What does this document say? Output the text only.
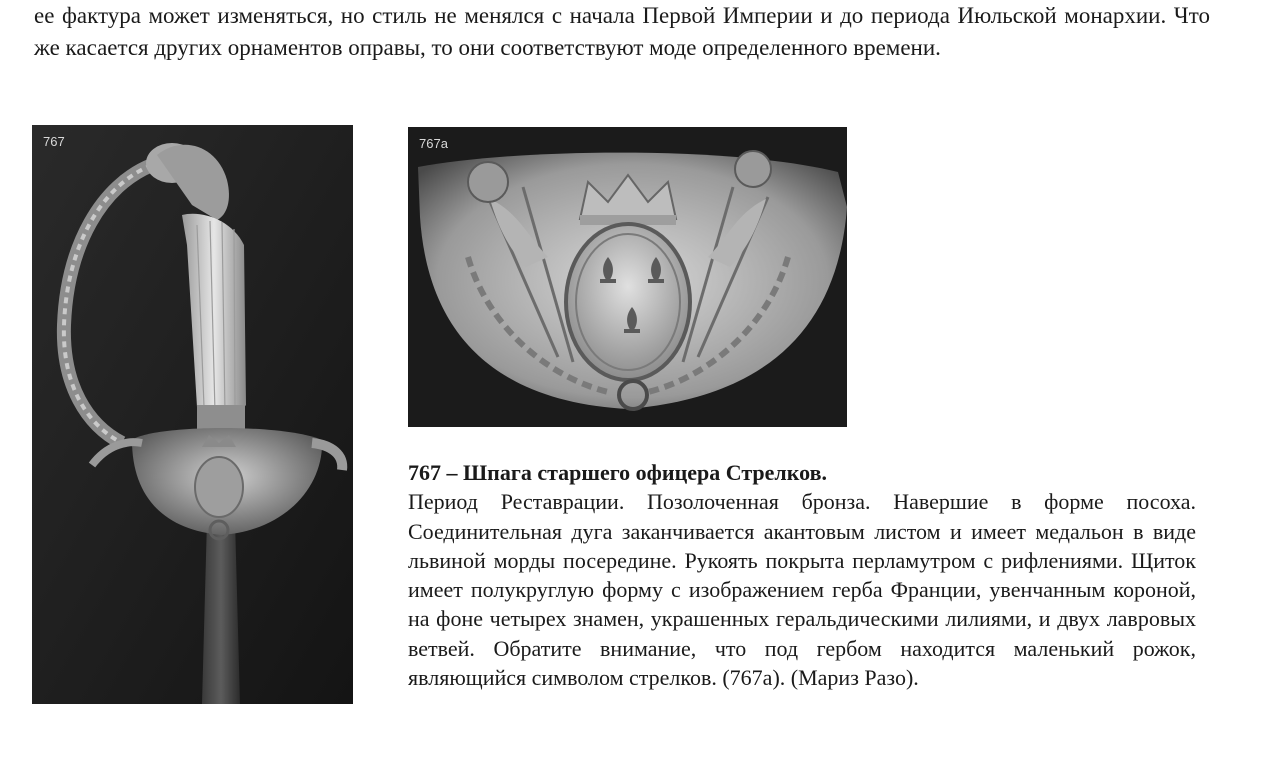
ее фактура может изменяться, но стиль не менялся с начала Первой Империи и до периода Июльской монархии. Что же касается других орнаментов оправы, то они соответствуют моде определенного времени.

767	767a

767 – Шпага старшего офицера Стрелков.

Период Реставрации. Позолоченная бронза. Навершие в форме посоха. Соединительная дуга заканчивается акантовым листом и имеет медальон в виде львиной морды посередине. Рукоять покрыта перламутром с рифлениями. Щиток имеет полукруглую форму с изображением герба Франции, увенчанным короной, на фоне четырех знамен, украшенных геральдическими лилиями, и двух лавровых ветвей. Обратите внимание, что под гербом находится маленький рожок, являющийся символом стрелков. (767a). (Мариз Разо).
